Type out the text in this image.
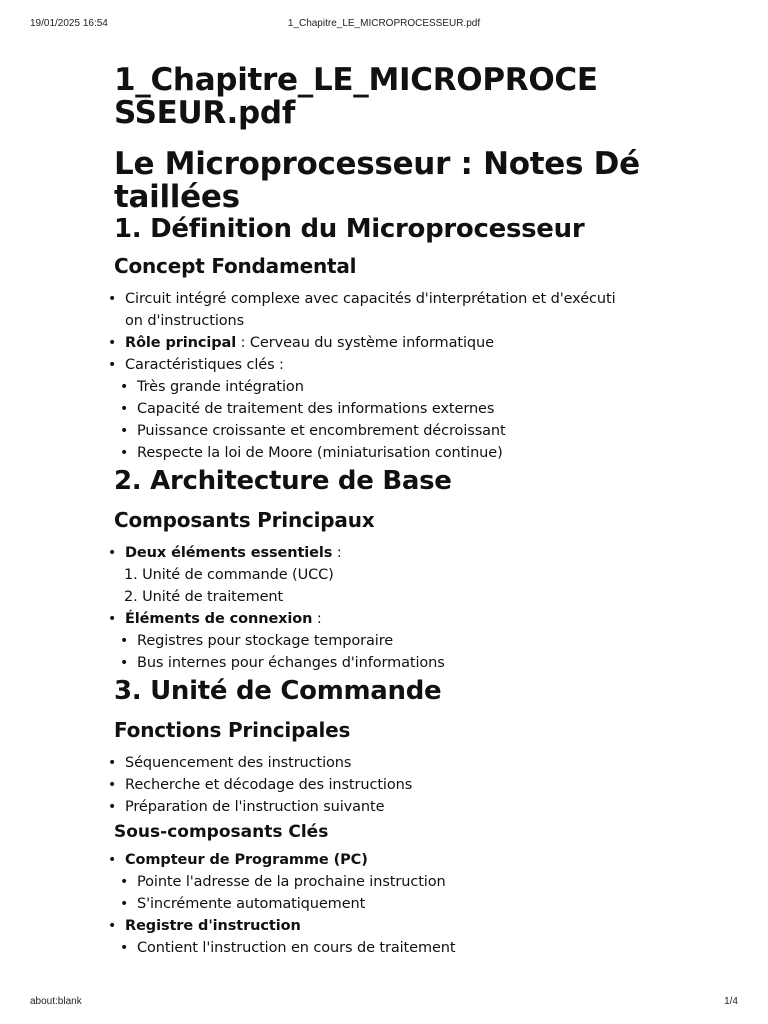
19/01/2025 16:54	1_Chapitre_LE_MICROPROCESSEUR.pdf
1_Chapitre_LE_MICROPROCE
SSEUR.pdf
Le Microprocesseur : Notes Dé
taillées
1. Définition du Microprocesseur
Concept Fondamental
• Circuit intégré complexe avec capacités d'interprétation et d'exécuti
on d'instructions
• Rôle principal : Cerveau du système informatique
• Caractéristiques clés :
• Très grande intégration
• Capacité de traitement des informations externes
• Puissance croissante et encombrement décroissant
• Respecte la loi de Moore (miniaturisation continue)
2. Architecture de Base
Composants Principaux
• Deux éléments essentiels :
1. Unité de commande (UCC)
2. Unité de traitement
• Éléments de connexion :
• Registres pour stockage temporaire
• Bus internes pour échanges d'informations
3. Unité de Commande
Fonctions Principales
• Séquencement des instructions
• Recherche et décodage des instructions
• Préparation de l'instruction suivante
Sous-composants Clés
• Compteur de Programme (PC)
• Pointe l'adresse de la prochaine instruction
• S'incrémente automatiquement
• Registre d'instruction
• Contient l'instruction en cours de traitement
about:blank	1/4
